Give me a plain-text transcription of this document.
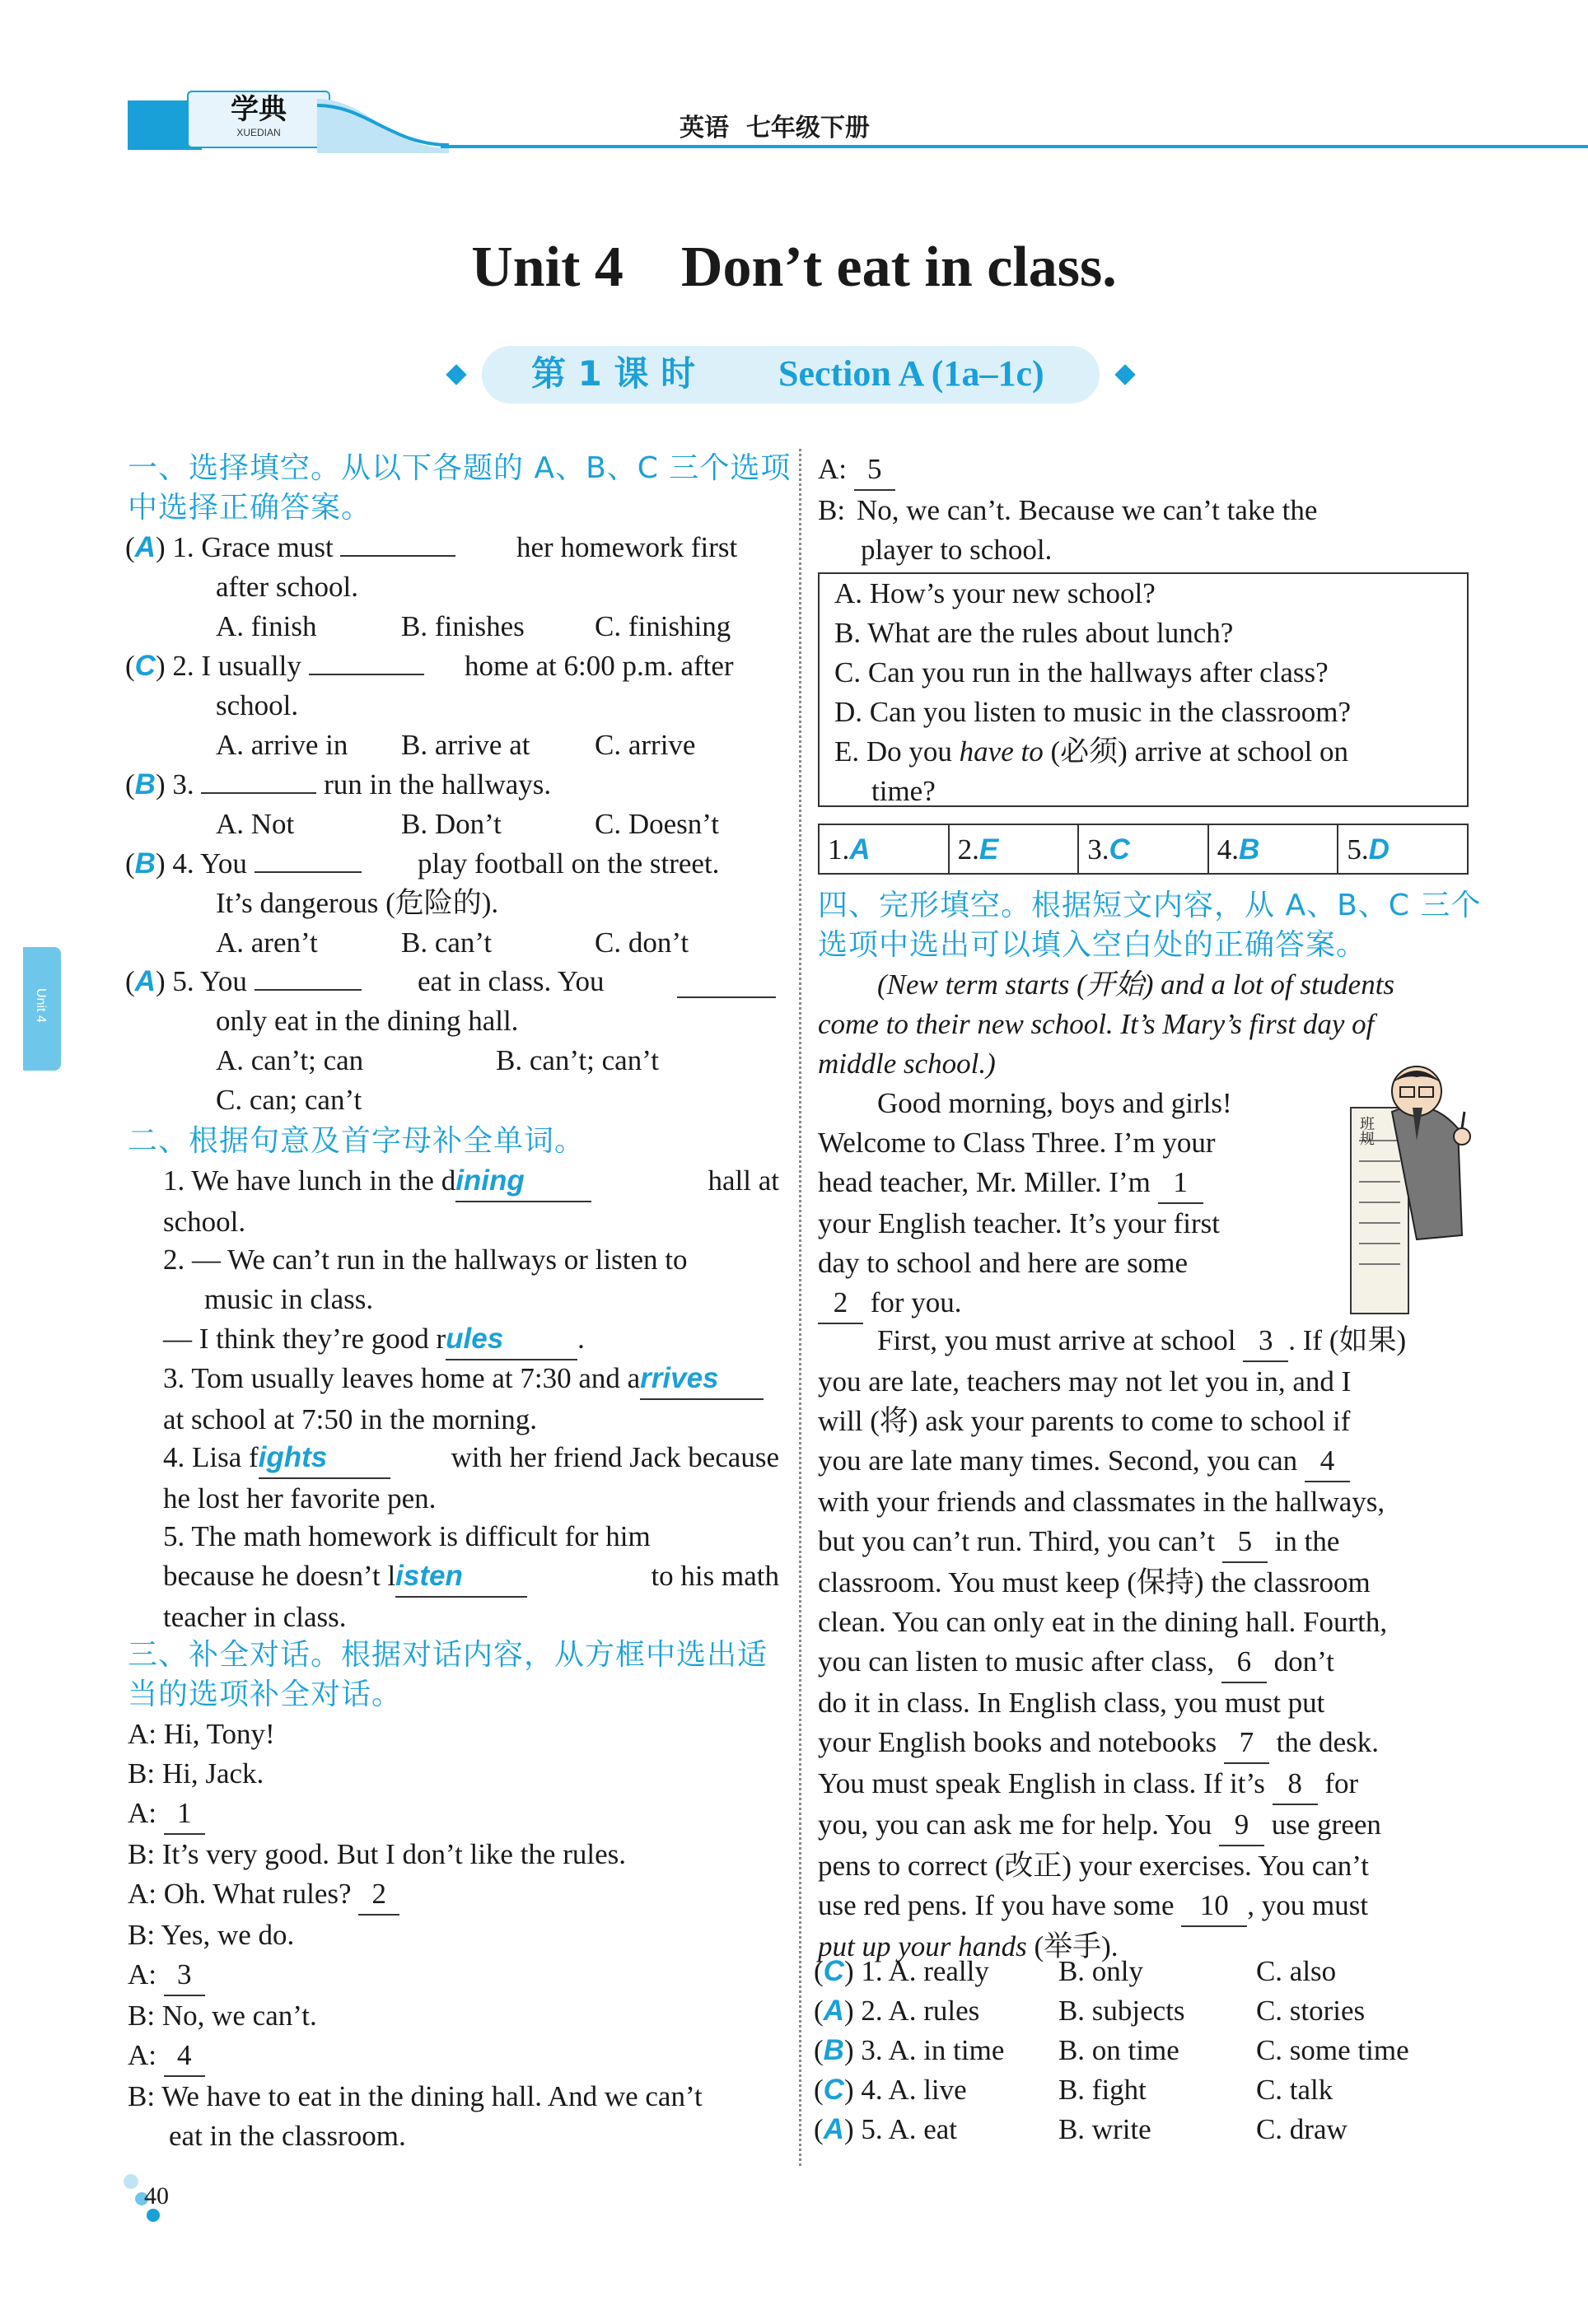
学典
XUEDIAN	英语  七年级下册
Unit 4
Unit 4    Don’t eat in class.
第 1 课 时 Section A (1a–1c)
一、选择填空。从以下各题的 A、B、C 三个选项
中选择正确答案。
(A) 1. Grace must	her homework first
after school.
A. finish	B. finishes C. finishing
(C) 2. I usually	home at 6:00 p.m. after
school.
A. arrive in B. arrive at C. arrive
(B) 3.	run in the hallways.
A. Not	B. Don’t	C. Doesn’t
(B) 4. You	play football on the street.
It’s dangerous (危险的).
A. aren’t	B. can’t	C. don’t
(A) 5. You	eat in class. You
only eat in the dining hall.
A. can’t; can	B. can’t; can’t
C. can; can’t
二、根据句意及首字母补全单词。
1. We have lunch in the dining	hall at
school.
2. — We can’t run in the hallways or listen to
music in class.
— I think they’re good rules	.
3. Tom usually leaves home at 7:30 and arrives
at school at 7:50 in the morning.
4. Lisa fights	with her friend Jack because
he lost her favorite pen.
5. The math homework is difficult for him
because he doesn’t listen	to his math
teacher in class.
三、补全对话。根据对话内容，从方框中选出适
当的选项补全对话。
A: Hi, Tony!
B: Hi, Jack.
A: 1
B: It’s very good. But I don’t like the rules.
A: Oh. What rules? 2
B: Yes, we do.
A: 3
B: No, we can’t.
A: 4
B: We have to eat in the dining hall. And we can’t
eat in the classroom.
40
A: 5
B: No, we can’t. Because we can’t take the
player to school.
A. How’s your new school?
B. What are the rules about lunch?
C. Can you run in the hallways after class?
D. Can you listen to music in the classroom?
E. Do you have to (必须) arrive at school on
time?
1.A	2.E	3.C	4.B	5.D
四、完形填空。根据短文内容，从 A、B、C 三个
选项中选出可以填入空白处的正确答案。
(New term starts (开始) and a lot of students
come to their new school. It’s Mary’s first day of
middle school.)
班规
Good morning, boys and girls!
Welcome to Class Three. I’m your
head teacher, Mr. Miller. I’m 1
your English teacher. It’s your first
day to school and here are some
2 for you.
First, you must arrive at school 3 . If (如果)
you are late, teachers may not let you in, and I
will (将) ask your parents to come to school if
you are late many times. Second, you can 4
with your friends and classmates in the hallways,
but you can’t run. Third, you can’t 5 in the
classroom. You must keep (保持) the classroom
clean. You can only eat in the dining hall. Fourth,
you can listen to music after class, 6 don’t
do it in class. In English class, you must put
your English books and notebooks 7 the desk.
You must speak English in class. If it’s 8 for
you, you can ask me for help. You 9 use green
pens to correct (改正) your exercises. You can’t
use red pens. If you have some 10 , you must
put up your hands (举手).
(C) 1. A. really B. only	C. also
(A) 2. A. rules	B. subjects C. stories
(B) 3. A. in time B. on time	C. some time
(C) 4. A. live	B. fight	C. talk
(A) 5. A. eat	B. write	C. draw
